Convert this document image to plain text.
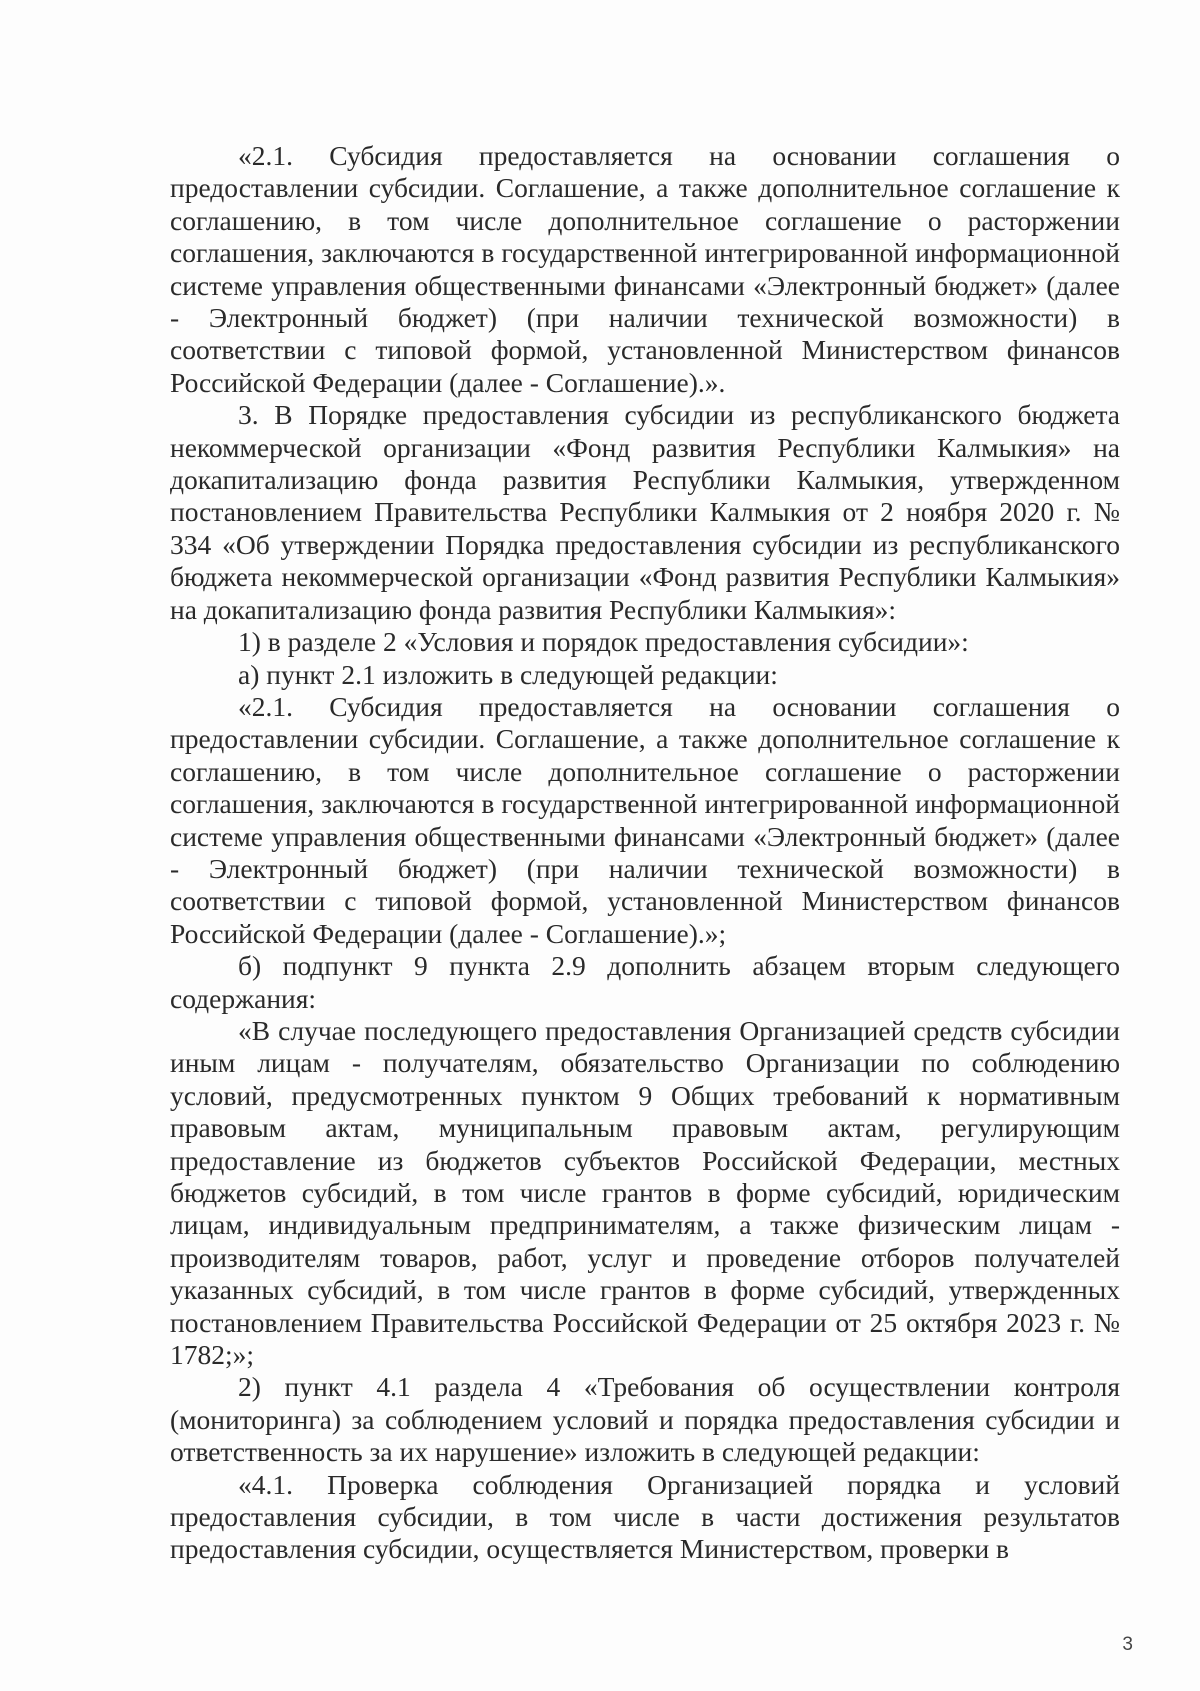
«2.1. Субсидия предоставляется на основании соглашения о предоставлении субсидии. Соглашение, а также дополнительное соглашение к соглашению, в том числе дополнительное соглашение о расторжении соглашения, заключаются в государственной интегрированной информационной системе управления общественными финансами «Электронный бюджет» (далее - Электронный бюджет) (при наличии технической возможности) в соответствии с типовой формой, установленной Министерством финансов Российской Федерации (далее - Соглашение).».

3. В Порядке предоставления субсидии из республиканского бюджета некоммерческой организации «Фонд развития Республики Калмыкия» на докапитализацию фонда развития Республики Калмыкия, утвержденном постановлением Правительства Республики Калмыкия от 2 ноября 2020 г. № 334 «Об утверждении Порядка предоставления субсидии из республиканского бюджета некоммерческой организации «Фонд развития Республики Калмыкия» на докапитализацию фонда развития Республики Калмыкия»:

1) в разделе 2 «Условия и порядок предоставления субсидии»:

а) пункт 2.1 изложить в следующей редакции:

«2.1. Субсидия предоставляется на основании соглашения о предоставлении субсидии. Соглашение, а также дополнительное соглашение к соглашению, в том числе дополнительное соглашение о расторжении соглашения, заключаются в государственной интегрированной информационной системе управления общественными финансами «Электронный бюджет» (далее - Электронный бюджет) (при наличии технической возможности) в соответствии с типовой формой, установленной Министерством финансов Российской Федерации (далее - Соглашение).»;

б) подпункт 9 пункта 2.9 дополнить абзацем вторым следующего содержания:

«В случае последующего предоставления Организацией средств субсидии иным лицам - получателям, обязательство Организации по соблюдению условий, предусмотренных пунктом 9 Общих требований к нормативным правовым актам, муниципальным правовым актам, регулирующим предоставление из бюджетов субъектов Российской Федерации, местных бюджетов субсидий, в том числе грантов в форме субсидий, юридическим лицам, индивидуальным предпринимателям, а также физическим лицам - производителям товаров, работ, услуг и проведение отборов получателей указанных субсидий, в том числе грантов в форме субсидий, утвержденных постановлением Правительства Российской Федерации от 25 октября 2023 г. № 1782;»;

2) пункт 4.1 раздела 4 «Требования об осуществлении контроля (мониторинга) за соблюдением условий и порядка предоставления субсидии и ответственность за их нарушение» изложить в следующей редакции:

«4.1. Проверка соблюдения Организацией порядка и условий предоставления субсидии, в том числе в части достижения результатов предоставления субсидии, осуществляется Министерством, проверки в

3
